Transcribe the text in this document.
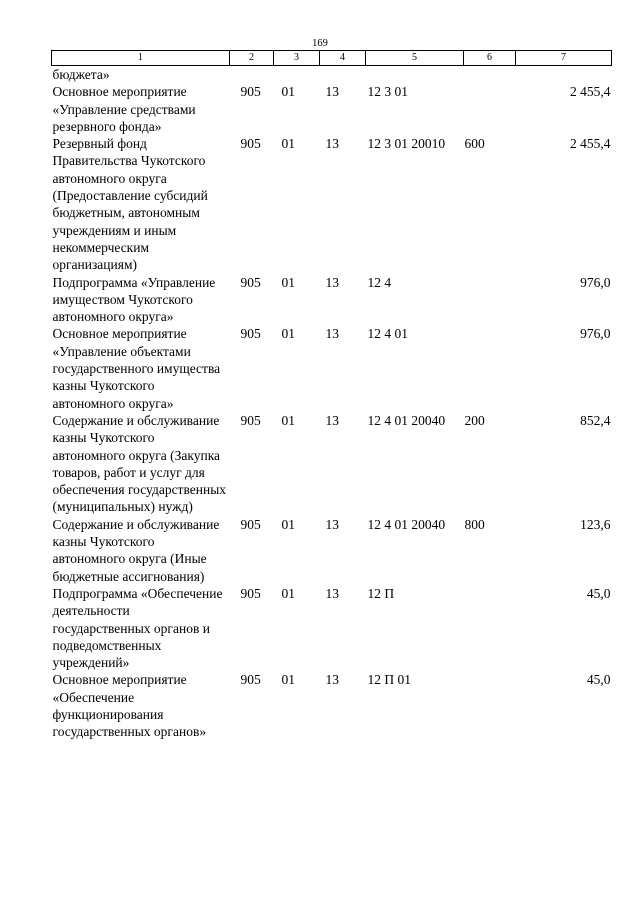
169
1	2	3	4	5	6	7
бюджета»						
Основное мероприятие «Управление средствами резервного фонда»	905	01	13	12 3 01		2 455,4
Резервный фонд Правительства Чукотского автономного округа (Предоставление субсидий бюджетным, автономным учреждениям и иным некоммерческим организациям)	905	01	13	12 3 01 20010	600	2 455,4
Подпрограмма «Управление имуществом Чукотского автономного округа»	905	01	13	12 4		976,0
Основное мероприятие «Управление объектами государственного имущества казны Чукотского автономного округа»	905	01	13	12 4 01		976,0
Содержание и обслуживание казны Чукотского автономного округа (Закупка товаров, работ и услуг для обеспечения государственных (муниципальных) нужд)	905	01	13	12 4 01 20040	200	852,4
Содержание и обслуживание казны Чукотского автономного округа (Иные бюджетные ассигнования)	905	01	13	12 4 01 20040	800	123,6
Подпрограмма «Обеспечение деятельности государственных органов и подведомственных учреждений»	905	01	13	12 П		45,0
Основное мероприятие «Обеспечение функционирования государственных органов»	905	01	13	12 П 01		45,0
